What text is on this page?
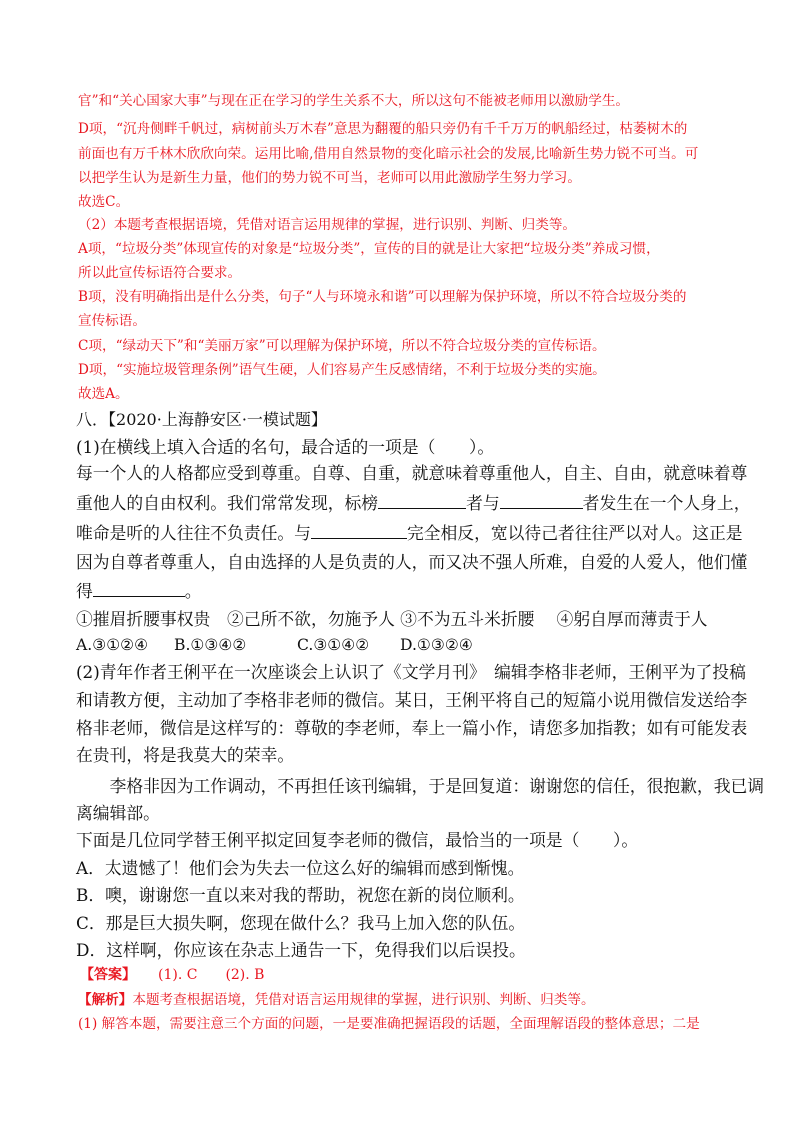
官”和“关心国家大事”与现在正在学习的学生关系不大，所以这句不能被老师用以激励学生。
D项，“沉舟侧畔千帆过，病树前头万木春”意思为翻覆的船只旁仍有千千万万的帆船经过，枯萎树木的
前面也有万千林木欣欣向荣。运用比喻,借用自然景物的变化暗示社会的发展,比喻新生势力锐不可当。可
以把学生认为是新生力量，他们的势力锐不可当，老师可以用此激励学生努力学习。
故选C。
（2）本题考查根据语境，凭借对语言运用规律的掌握，进行识别、判断、归类等。
A项，“垃圾分类”体现宣传的对象是“垃圾分类”，宣传的目的就是让大家把“垃圾分类”养成习惯，
所以此宣传标语符合要求。
B项，没有明确指出是什么分类，句子“人与环境永和谐”可以理解为保护环境，所以不符合垃圾分类的
宣传标语。
C项，“绿动天下”和“美丽万家”可以理解为保护环境，所以不符合垃圾分类的宣传标语。
D项，“实施垃圾管理条例”语气生硬，人们容易产生反感情绪，不利于垃圾分类的实施。
故选A。
八．【2020·上海静安区·一模试题】
(1)在横线上填入合适的名句，最合适的一项是（　　）。
每一个人的人格都应受到尊重。自尊、自重，就意味着尊重他人，自主、自由，就意味着尊
重他人的自由权利。我们常常发现，标榜	者与	者发生在一个人身上，
唯命是听的人往往不负责任。与	完全相反，宽以待己者往往严以对人。这正是
因为自尊者尊重人，自由选择的人是负责的人，而又决不强人所难，自爱的人爱人，他们懂
得	。
①摧眉折腰事权贵　②己所不欲，勿施予人 ③不为五斗米折腰　 ④躬自厚而薄责于人
A.③①②④ B.①③④②	C.③①④② D.①③②④
(2)青年作者王俐平在一次座谈会上认识了《文学月刊》　编辑李格非老师，王俐平为了投稿
和请教方便，主动加了李格非老师的微信。某日，王俐平将自己的短篇小说用微信发送给李
格非老师，微信是这样写的：尊敬的李老师，奉上一篇小作，请您多加指教；如有可能发表
在贵刊，将是我莫大的荣幸。
　　李格非因为工作调动，不再担任该刊编辑，于是回复道：谢谢您的信任，很抱歉，我已调
离编辑部。
下面是几位同学替王俐平拟定回复李老师的微信，最恰当的一项是（　　）。
A．太遗憾了！他们会为失去一位这么好的编辑而感到惭愧。
B．噢，谢谢您一直以来对我的帮助，祝您在新的岗位顺利。
C．那是巨大损失啊，您现在做什么？我马上加入您的队伍。
D．这样啊，你应该在杂志上通告一下，免得我们以后误投。
【答案】 (1). C　　(2). B
【解析】本题考查根据语境，凭借对语言运用规律的掌握，进行识别、判断、归类等。
(1) 解答本题，需要注意三个方面的问题，一是要准确把握语段的话题，全面理解语段的整体意思；二是
